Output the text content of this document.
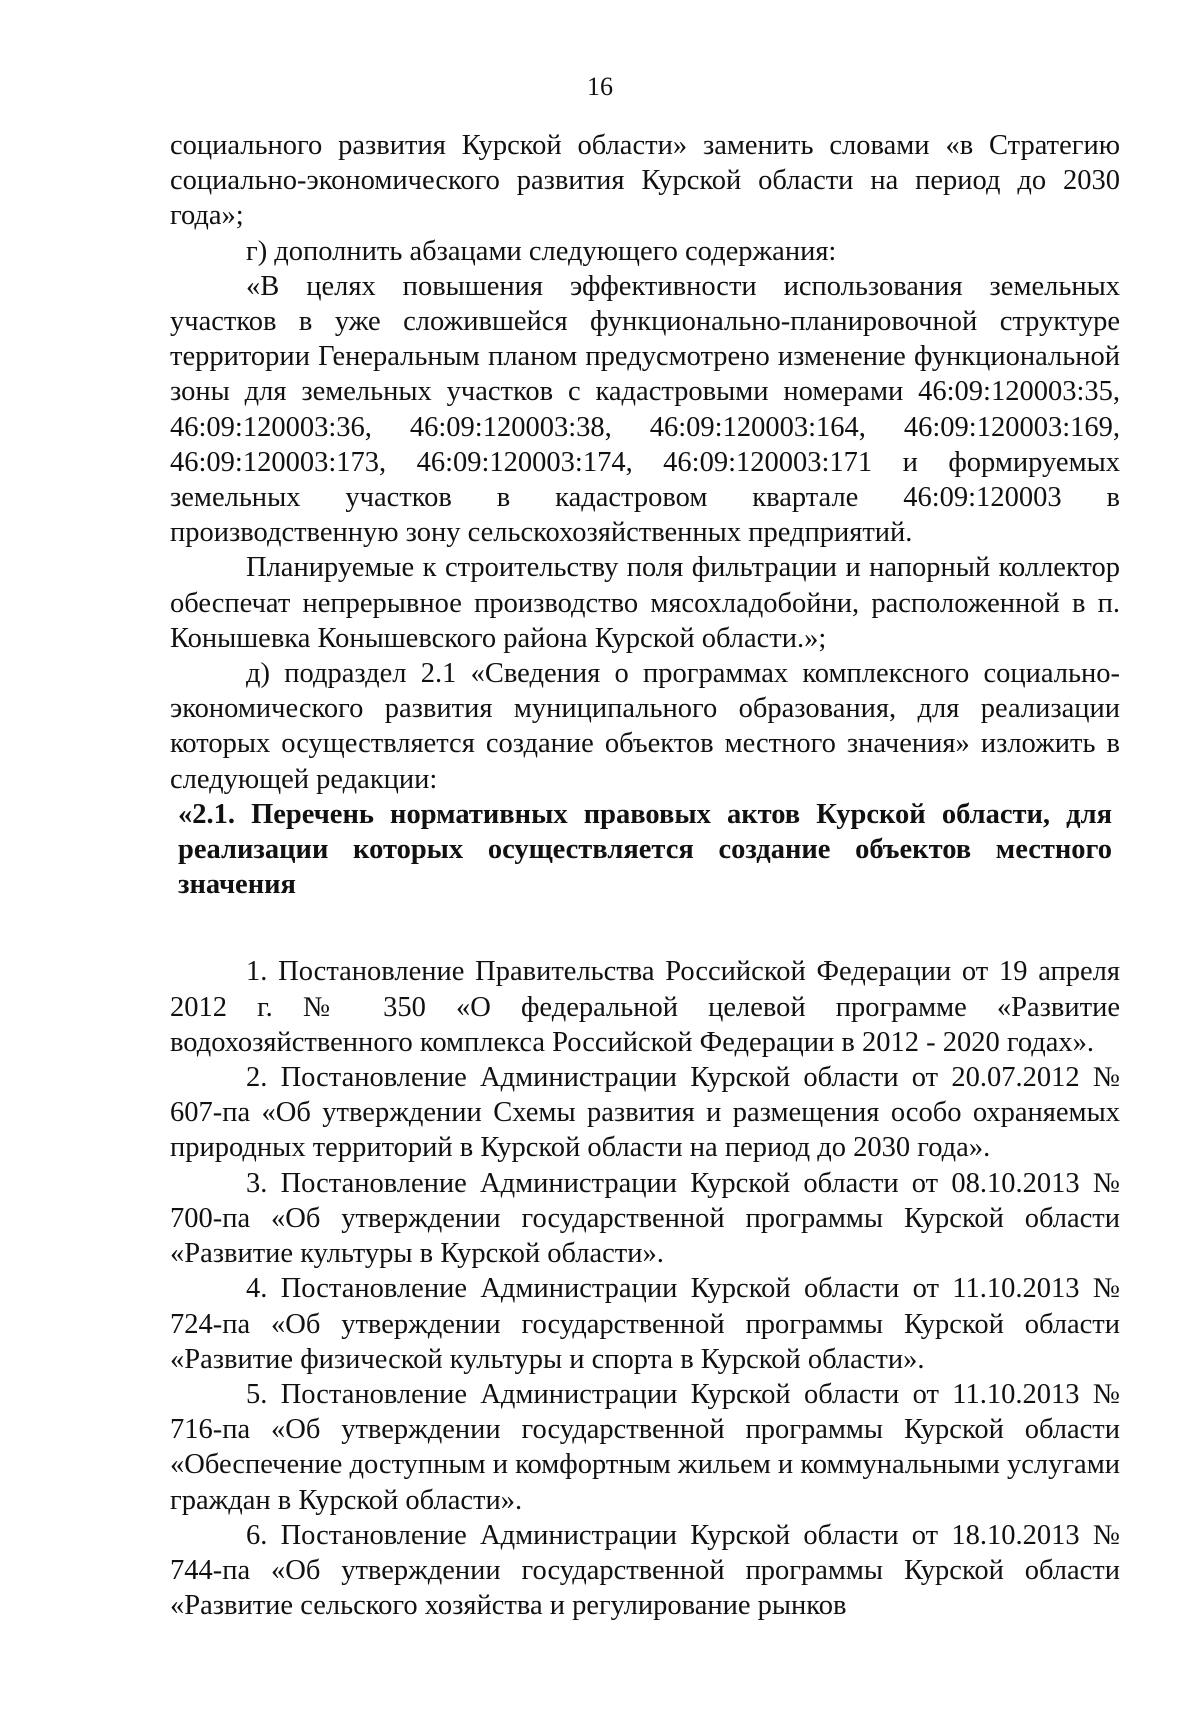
16

социального развития Курской области» заменить словами «в Стратегию социально-экономического развития Курской области на период до 2030 года»;

г) дополнить абзацами следующего содержания:

«В целях повышения эффективности использования земельных участков в уже сложившейся функционально-планировочной структуре территории Генеральным планом предусмотрено изменение функциональной зоны для земельных участков с кадастровыми номерами 46:09:120003:35, 46:09:120003:36, 46:09:120003:38, 46:09:120003:164, 46:09:120003:169, 46:09:120003:173, 46:09:120003:174, 46:09:120003:171 и формируемых земельных участков в кадастровом квартале 46:09:120003 в производственную зону сельскохозяйственных предприятий.

Планируемые к строительству поля фильтрации и напорный коллектор обеспечат непрерывное производство мясохладобойни, расположенной в п. Конышевка Конышевского района Курской области.»;

д) подраздел 2.1 «Сведения о программах комплексного социально-экономического развития муниципального образования, для реализации которых осуществляется создание объектов местного значения» изложить в следующей редакции:

«2.1. Перечень нормативных правовых актов Курской области, для реализации которых осуществляется создание объектов местного значения

1. Постановление Правительства Российской Федерации от 19 апреля 2012 г. № 350 «О федеральной целевой программе «Развитие водохозяйственного комплекса Российской Федерации в 2012 - 2020 годах».

2. Постановление Администрации Курской области от 20.07.2012 № 607-па «Об утверждении Схемы развития и размещения особо охраняемых природных территорий в Курской области на период до 2030 года».

3. Постановление Администрации Курской области от 08.10.2013 № 700-па «Об утверждении государственной программы Курской области «Развитие культуры в Курской области».

4. Постановление Администрации Курской области от 11.10.2013 № 724-па «Об утверждении государственной программы Курской области «Развитие физической культуры и спорта в Курской области».

5. Постановление Администрации Курской области от 11.10.2013 № 716-па «Об утверждении государственной программы Курской области «Обеспечение доступным и комфортным жильем и коммунальными услугами граждан в Курской области».

6. Постановление Администрации Курской области от 18.10.2013 № 744-па «Об утверждении государственной программы Курской области «Развитие сельского хозяйства и регулирование рынков
